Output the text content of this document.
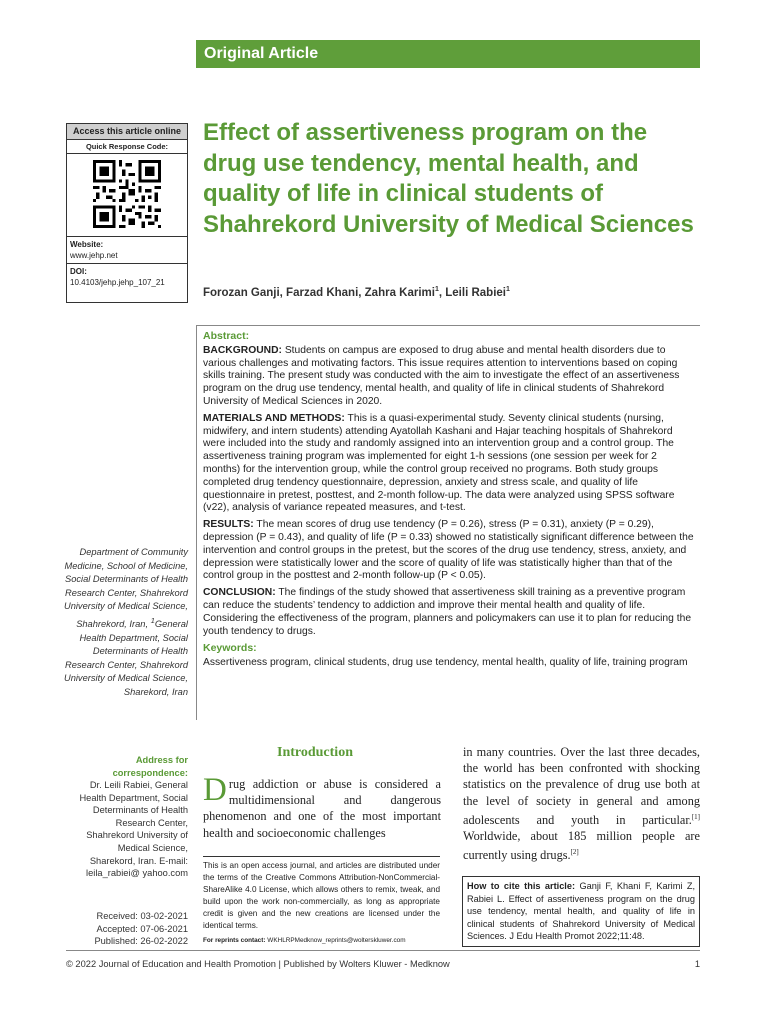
Original Article
Access this article online
Quick Response Code:
Website:
www.jehp.net
DOI:
10.4103/jehp.jehp_107_21
Effect of assertiveness program on the drug use tendency, mental health, and quality of life in clinical students of Shahrekord University of Medical Sciences
Forozan Ganji, Farzad Khani, Zahra Karimi$^1$, Leili Rabiei$^1$
Abstract:

BACKGROUND: Students on campus are exposed to drug abuse and mental health disorders due to various challenges and motivating factors. This issue requires attention to interventions based on coping skills training. The present study was conducted with the aim to investigate the effect of an assertiveness program on the drug use tendency, mental health, and quality of life in clinical students of Shahrekord University of Medical Sciences in 2020.

MATERIALS AND METHODS: This is a quasi-experimental study. Seventy clinical students (nursing, midwifery, and intern students) attending Ayatollah Kashani and Hajar teaching hospitals of Shahrekord were included into the study and randomly assigned into an intervention group and a control group. The assertiveness training program was implemented for eight 1-h sessions (one session per week for 2 months) for the intervention group, while the control group received no programs. Both study groups completed drug tendency questionnaire, depression, anxiety and stress scale, and quality of life questionnaire in pretest, posttest, and 2-month follow-up. The data were analyzed using SPSS software (v22), analysis of variance repeated measures, and t-test.

RESULTS: The mean scores of drug use tendency (P = 0.26), stress (P = 0.31), anxiety (P = 0.29), depression (P = 0.43), and quality of life (P = 0.33) showed no statistically significant difference between the intervention and control groups in the pretest, but the scores of the drug use tendency, stress, anxiety, and depression were statistically lower and the score of quality of life was statistically higher than that of the control group in the posttest and 2-month follow-up (P < 0.05).

CONCLUSION: The findings of the study showed that assertiveness skill training as a preventive program can reduce the students’ tendency to addiction and improve their mental health and quality of life. Considering the effectiveness of the program, planners and policymakers can use it to plan for reducing the youth tendency to drugs.

Keywords:

Assertiveness program, clinical students, drug use tendency, mental health, quality of life, training program

Department of Community Medicine, School of Medicine, Social Determinants of Health Research Center, Shahrekord University of Medical Science, Shahrekord, Iran, $^1$General Health Department, Social Determinants of Health Research Center, Shahrekord University of Medical Science, Sharekord, Iran
Address for correspondence:
Dr. Leili Rabiei, General Health Department, Social Determinants of Health Research Center, Shahrekord University of Medical Science, Sharekord, Iran. E-mail: leila_rabiei@ yahoo.com
Received: 03-02-2021
Accepted: 07-06-2021
Published: 26-02-2022
Introduction

Drug addiction or abuse is considered a multidimensional and dangerous phenomenon and one of the most important health and socioeconomic challenges

in many countries. Over the last three decades, the world has been confronted with shocking statistics on the prevalence of drug use both at the level of society in general and among adolescents and youth in particular.[1] Worldwide, about 185 million people are currently using drugs.[2]

This is an open access journal, and articles are distributed under the terms of the Creative Commons Attribution-NonCommercial-ShareAlike 4.0 License, which allows others to remix, tweak, and build upon the work non-commercially, as long as appropriate credit is given and the new creations are licensed under the identical terms.
For reprints contact: WKHLRPMedknow_reprints@wolterskluwer.com
How to cite this article: Ganji F, Khani F, Karimi Z, Rabiei L. Effect of assertiveness program on the drug use tendency, mental health, and quality of life in clinical students of Shahrekord University of Medical Sciences. J Edu Health Promot 2022;11:48.
© 2022 Journal of Education and Health Promotion | Published by Wolters Kluwer - Medknow	1
